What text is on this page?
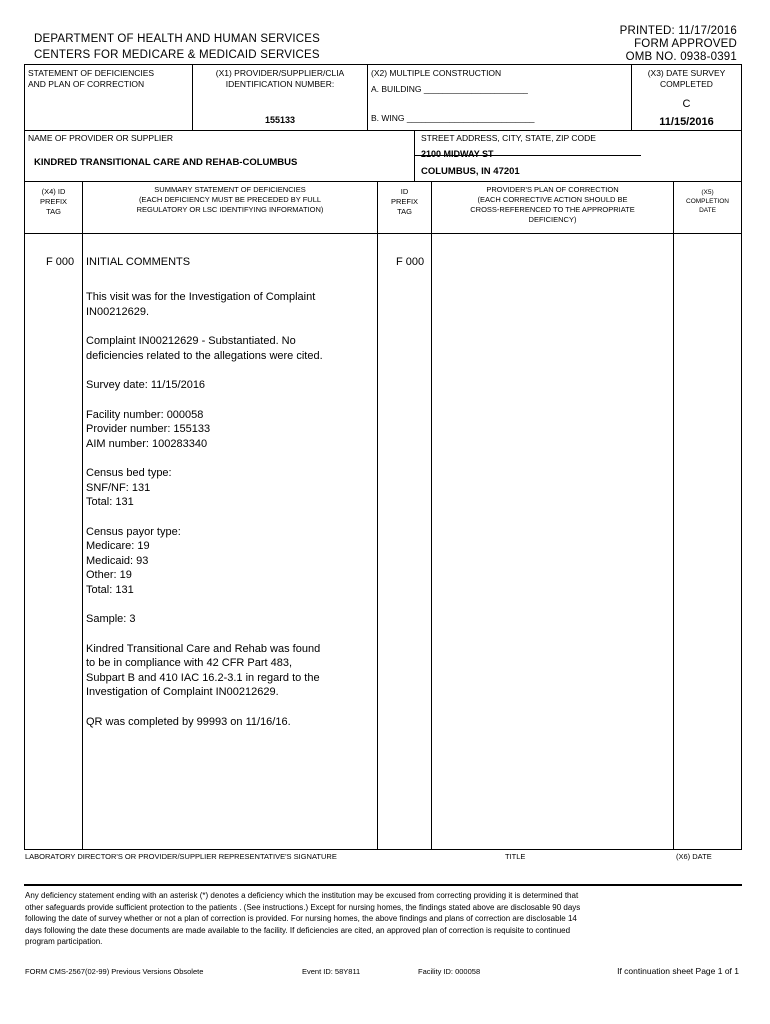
DEPARTMENT OF HEALTH AND HUMAN SERVICES
CENTERS FOR MEDICARE & MEDICAID SERVICES
PRINTED: 11/17/2016
FORM APPROVED
OMB NO. 0938-0391
STATEMENT OF DEFICIENCIES
AND PLAN OF CORRECTION
(X1) PROVIDER/SUPPLIER/CLIA
IDENTIFICATION NUMBER:
155133
(X2) MULTIPLE CONSTRUCTION
A. BUILDING ______________________
B. WING ___________________________
(X3) DATE SURVEY
COMPLETED
C
11/15/2016
NAME OF PROVIDER OR SUPPLIER
KINDRED TRANSITIONAL CARE AND REHAB-COLUMBUS
STREET ADDRESS, CITY, STATE, ZIP CODE
2100 MIDWAY ST
COLUMBUS, IN 47201
(X4) ID
PREFIX
TAG
SUMMARY STATEMENT OF DEFICIENCIES
(EACH DEFICIENCY MUST BE PRECEDED BY FULL
REGULATORY OR LSC IDENTIFYING INFORMATION)
ID
PREFIX
TAG
PROVIDER'S PLAN OF CORRECTION
(EACH CORRECTIVE ACTION SHOULD BE
CROSS-REFERENCED TO THE APPROPRIATE
DEFICIENCY)
(X5)
COMPLETION
DATE
F 000 INITIAL COMMENTS	F 000
This visit was for the Investigation of Complaint
IN00212629.
Complaint IN00212629 - Substantiated. No
deficiencies related to the allegations were cited.
Survey date: 11/15/2016
Facility number: 000058
Provider number: 155133
AIM number: 100283340
Census bed type:
SNF/NF: 131
Total: 131
Census payor type:
Medicare: 19
Medicaid: 93
Other: 19
Total: 131
Sample: 3
Kindred Transitional Care and Rehab was found
to be in compliance with 42 CFR Part 483,
Subpart B and 410 IAC 16.2-3.1 in regard to the
Investigation of Complaint IN00212629.
QR was completed by 99993 on 11/16/16.
LABORATORY DIRECTOR'S OR PROVIDER/SUPPLIER REPRESENTATIVE'S SIGNATURE	TITLE	(X6) DATE
Any deficiency statement ending with an asterisk (*) denotes a deficiency which the institution may be excused from correcting providing it is determined that
other safeguards provide sufficient protection to the patients . (See instructions.) Except for nursing homes, the findings stated above are disclosable 90 days
following the date of survey whether or not a plan of correction is provided. For nursing homes, the above findings and plans of correction are disclosable 14
days following the date these documents are made available to the facility. If deficiencies are cited, an approved plan of correction is requisite to continued
program participation.
FORM CMS-2567(02-99) Previous Versions Obsolete	Event ID: 58Y811	Facility ID: 000058	If continuation sheet Page 1 of 1
